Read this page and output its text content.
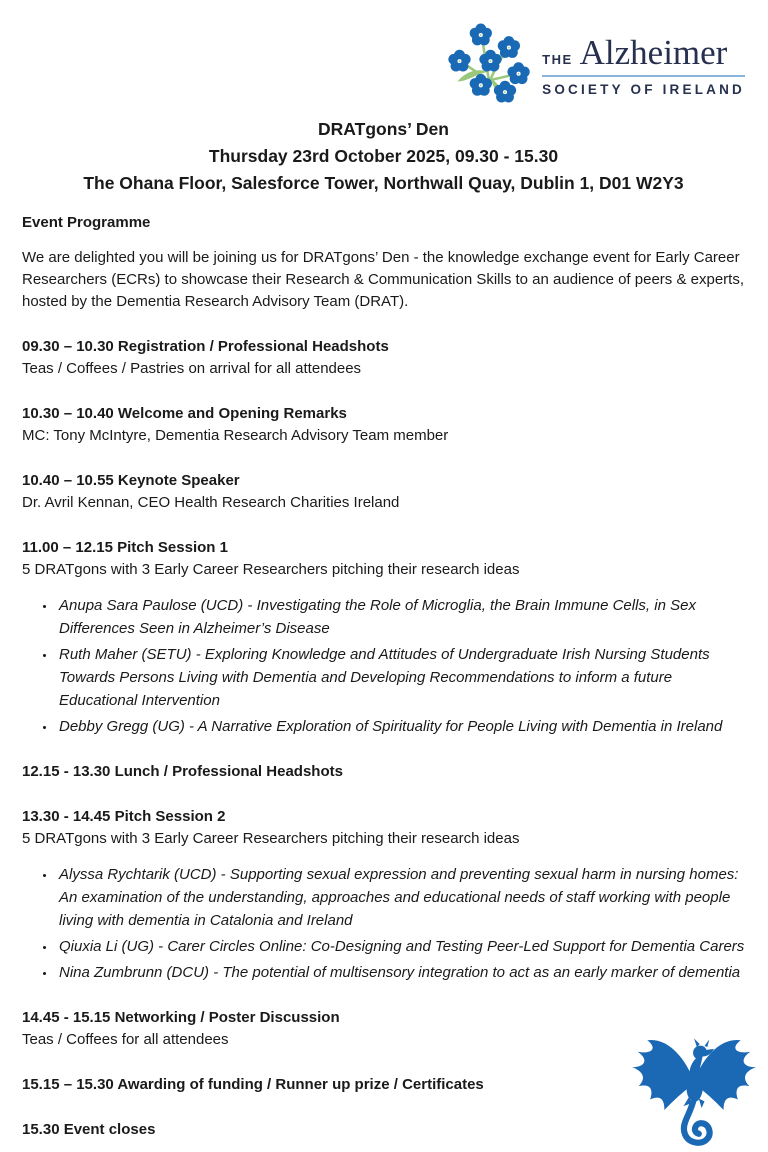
THE Alzheimer
SOCIETY OF IRELAND
DRATgons’ Den
Thursday 23rd October 2025, 09.30 - 15.30
The Ohana Floor, Salesforce Tower, Northwall Quay, Dublin 1, D01 W2Y3
Event Programme

We are delighted you will be joining us for DRATgons’ Den - the knowledge exchange event for Early Career Researchers (ECRs) to showcase their Research & Communication Skills to an audience of peers & experts, hosted by the Dementia Research Advisory Team (DRAT).

09.30 – 10.30 Registration / Professional Headshots

Teas / Coffees / Pastries on arrival for all attendees

10.30 – 10.40 Welcome and Opening Remarks

MC: Tony McIntyre, Dementia Research Advisory Team member

10.40 – 10.55 Keynote Speaker

Dr. Avril Kennan, CEO Health Research Charities Ireland

11.00 – 12.15 Pitch Session 1

5 DRATgons with 3 Early Career Researchers pitching their research ideas

• Anupa Sara Paulose (UCD) - Investigating the Role of Microglia, the Brain Immune Cells, in Sex Differences Seen in Alzheimer’s Disease
• Ruth Maher (SETU) - Exploring Knowledge and Attitudes of Undergraduate Irish Nursing Students Towards Persons Living with Dementia and Developing Recommendations to inform a future Educational Intervention
• Debby Gregg (UG) - A Narrative Exploration of Spirituality for People Living with Dementia in Ireland
12.15 - 13.30 Lunch / Professional Headshots
13.30 - 14.45 Pitch Session 2

5 DRATgons with 3 Early Career Researchers pitching their research ideas

• Alyssa Rychtarik (UCD) - Supporting sexual expression and preventing sexual harm in nursing homes: An examination of the understanding, approaches and educational needs of staff working with people living with dementia in Catalonia and Ireland
• Qiuxia Li (UG) - Carer Circles Online: Co-Designing and Testing Peer-Led Support for Dementia Carers
• Nina Zumbrunn (DCU) - The potential of multisensory integration to act as an early marker of dementia
14.45 - 15.15 Networking / Poster Discussion

Teas / Coffees for all attendees

15.15 – 15.30 Awarding of funding / Runner up prize / Certificates
15.30 Event closes
